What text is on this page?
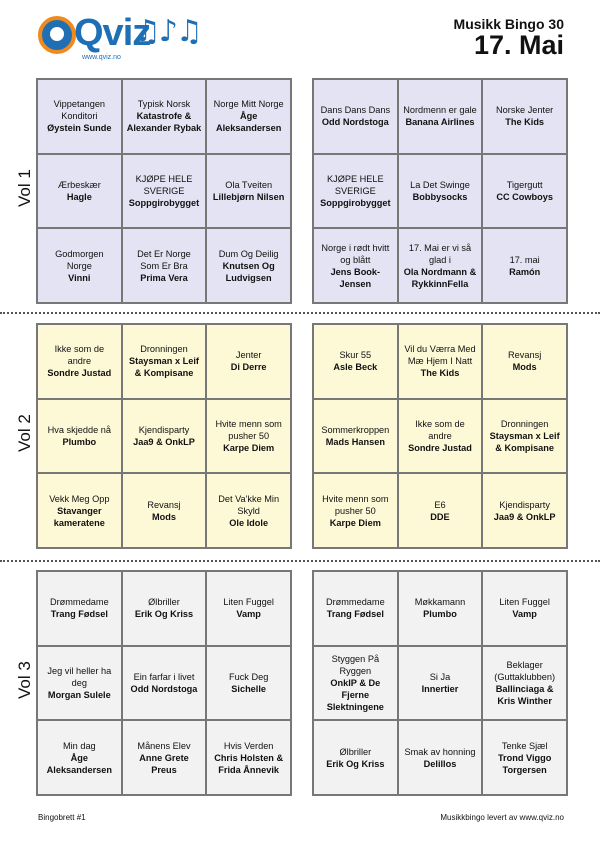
Qviz
www.qviz.no
♫♪♫	Musikk Bingo 30
17. Mai
Vol 1
Vippetangen Konditori
Øystein Sunde
Typisk Norsk
Katastrofe & Alexander Rybak
Norge Mitt Norge
Åge Aleksandersen
Ærbeskær
Hagle
KJØPE HELE SVERIGE
Soppgirobygget
Ola Tveiten
Lillebjørn Nilsen
Godmorgen Norge
Vinni
Det Er Norge Som Er Bra
Prima Vera
Dum Og Deilig
Knutsen Og Ludvigsen
Dans Dans Dans
Odd Nordstoga
Nordmenn er gale
Banana Airlines
Norske Jenter
The Kids
KJØPE HELE SVERIGE
Soppgirobygget
La Det Swinge
Bobbysocks
Tigergutt
CC Cowboys
Norge i rødt hvitt og blått
Jens Book-Jensen
17. Mai er vi så glad i
Ola Nordmann & RykkinnFella
17. mai
Ramón
Vol 2
Ikke som de andre
Sondre Justad
Dronningen
Staysman x Leif & Kompisane
Jenter
Di Derre
Hva skjedde nå
Plumbo
Kjendisparty
Jaa9 & OnkLP
Hvite menn som pusher 50
Karpe Diem
Vekk Meg Opp
Stavanger kameratene
Revansj
Mods
Det Va'kke Min Skyld
Ole Idole
Skur 55
Asle Beck
Vil du Værra Med Mæ Hjem I Natt
The Kids
Revansj
Mods
Sommerkroppen
Mads Hansen
Ikke som de andre
Sondre Justad
Dronningen
Staysman x Leif & Kompisane
Hvite menn som pusher 50
Karpe Diem
E6
DDE
Kjendisparty
Jaa9 & OnkLP
Vol 3
Drømmedame
Trang Fødsel
Ølbriller
Erik Og Kriss
Liten Fuggel
Vamp
Jeg vil heller ha deg
Morgan Sulele
Ein farfar i livet
Odd Nordstoga
Fuck Deg
Sichelle
Min dag
Åge Aleksandersen
Månens Elev
Anne Grete Preus
Hvis Verden
Chris Holsten & Frida Ånnevik
Drømmedame
Trang Fødsel
Møkkamann
Plumbo
Liten Fuggel
Vamp
Styggen På Ryggen
OnkIP & De Fjerne Slektningene
Si Ja
Innertier
Beklager (Guttaklubben)
Ballinciaga & Kris Winther
Ølbriller
Erik Og Kriss
Smak av honning
Delillos
Tenke Sjæl
Trond Viggo Torgersen
Bingobrett #1	Musikkbingo levert av www.qviz.no
